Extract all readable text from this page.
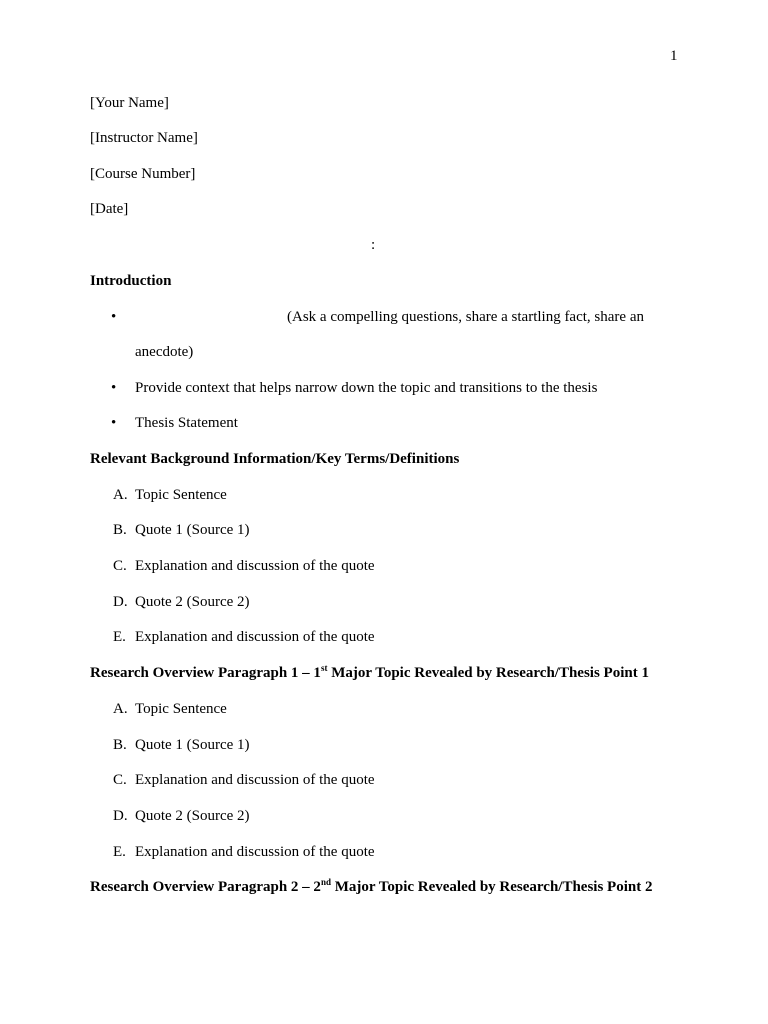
1
[Your Name]
[Instructor Name]
[Course Number]
[Date]
:
Introduction
•	(Ask a compelling questions, share a startling fact, share an
anecdote)
• Provide context that helps narrow down the topic and transitions to the thesis
• Thesis Statement
Relevant Background Information/Key Terms/Definitions
A. Topic Sentence
B. Quote 1 (Source 1)
C. Explanation and discussion of the quote
D. Quote 2 (Source 2)
E. Explanation and discussion of the quote
Research Overview Paragraph 1 – 1st Major Topic Revealed by Research/Thesis Point 1
A. Topic Sentence
B. Quote 1 (Source 1)
C. Explanation and discussion of the quote
D. Quote 2 (Source 2)
E. Explanation and discussion of the quote
Research Overview Paragraph 2 – 2nd Major Topic Revealed by Research/Thesis Point 2
